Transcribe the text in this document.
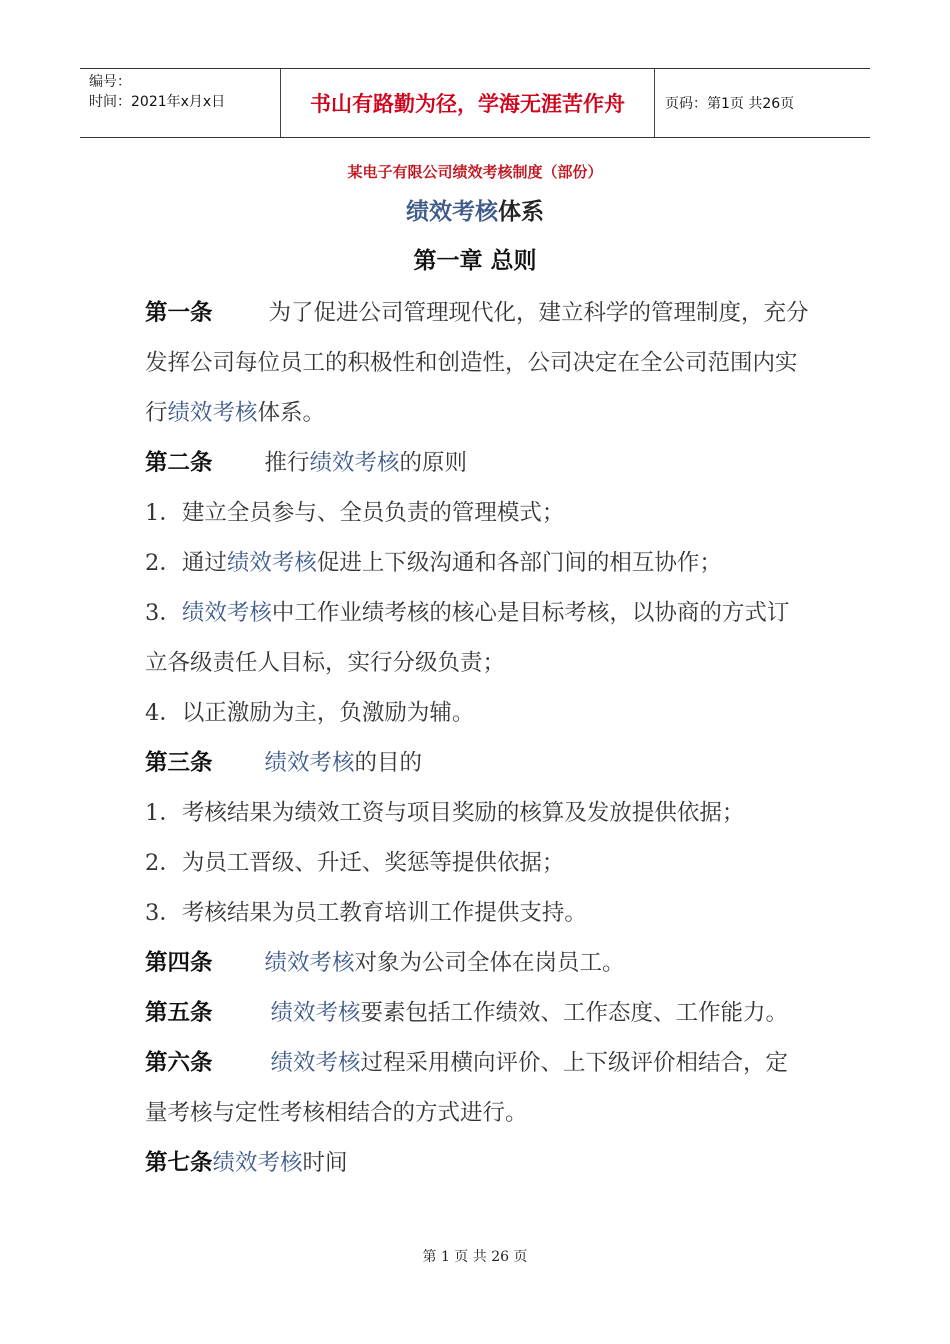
编号：
时间：2021年x月x日	书山有路勤为径，学海无涯苦作舟	页码：第1页 共26页
某电子有限公司绩效考核制度（部份）
绩效考核体系
第一章 总则

第一条 为了促进公司管理现代化，建立科学的管理制度，充分发挥公司每位员工的积极性和创造性，公司决定在全公司范围内实行绩效考核体系。

第二条 推行绩效考核的原则

1．建立全员参与、全员负责的管理模式；

2．通过绩效考核促进上下级沟通和各部门间的相互协作；

3．绩效考核中工作业绩考核的核心是目标考核，以协商的方式订立各级责任人目标，实行分级负责；

4．以正激励为主，负激励为辅。

第三条 绩效考核的目的

1．考核结果为绩效工资与项目奖励的核算及发放提供依据；

2．为员工晋级、升迁、奖惩等提供依据；

3．考核结果为员工教育培训工作提供支持。

第四条 绩效考核对象为公司全体在岗员工。

第五条	绩效考核要素包括工作绩效、工作态度、工作能力。

第六条	绩效考核过程采用横向评价、上下级评价相结合，定量考核与定性考核相结合的方式进行。

第七条绩效考核时间

第 1 页 共 26 页
